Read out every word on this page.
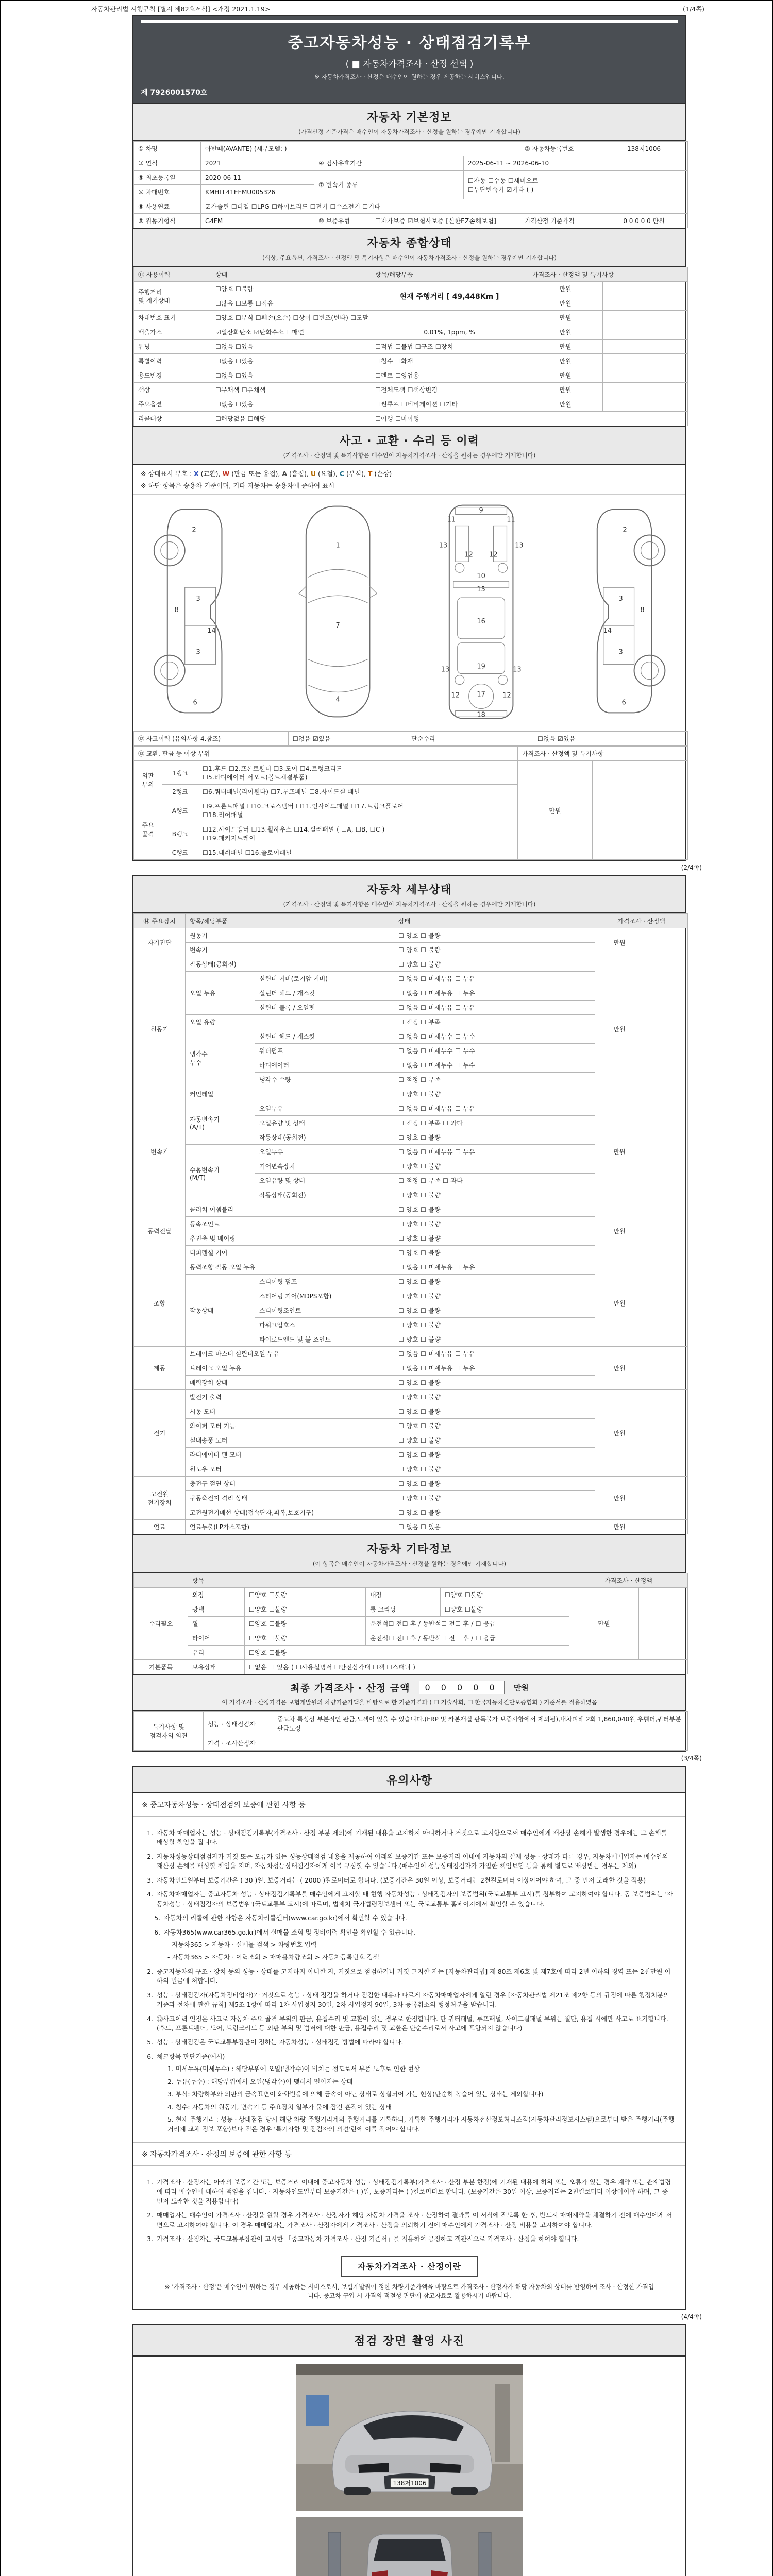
자동차관리법 시행규칙 [별지 제82호서식] <개정 2021.1.19>	(1/4쪽)
중고자동차성능 · 상태점검기록부
( ■ 자동차가격조사 · 산정 선택 )
※ 자동차가격조사 · 산정은 매수인이 원하는 경우 제공하는 서비스입니다.
제 7926001570호
자동차 기본정보
(가격산정 기준가격은 매수인이 자동차가격조사 · 산정을 원하는 경우에만 기재합니다)
① 차명	아반떼(AVANTE) (세부모델: )				② 자동차등록번호	138저1006
③ 연식	2021	④ 검사유효기간		2025-06-11 ~ 2026-06-10		
⑤ 최초등록일	2020-06-11	⑦ 변속기 종류		☐자동 ☐수동 ☐세미오토
☐무단변속기 ☑기타 ( )		
⑥ 차대번호	KMHLL41EEMU005326					
⑧ 사용연료	☑가솔린 ☐디젤 ☐LPG ☐하이브리드 ☐전기 ☐수소전기 ☐기타					
⑨ 원동기형식	G4FM	⑩ 보증유형	☐자가보증 ☑보험사보증 [신한EZ손해보험]		가격산정 기준가격	0 0 0 0 0 만원
자동차 종합상태
(색상, 주요옵션, 가격조사 · 산정액 및 특기사항은 매수인이 자동차가격조사 · 산정을 원하는 경우에만 기재합니다)
⑪ 사용이력	상태	항목/해당부품	가격조사 · 산정액 및 특기사항	
주행거리
및 계기상태	☐양호 ☐불량	현재 주행거리 [ 49,448Km ]	만원	
	☐많음 ☐보통 ☐적음		만원	
차대번호 표기	☐양호 ☐부식 ☐훼손(오손) ☐상이 ☐변조(변타) ☐도말		만원	
배출가스	☑일산화탄소 ☑탄화수소 ☐매연	0.01%, 1ppm, %	만원	
튜닝	☐없음 ☐있음	☐적법 ☐불법 ☐구조 ☐장치	만원	
특별이력	☐없음 ☐있음	☐침수 ☐화재	만원	
용도변경	☐없음 ☐있음	☐렌트 ☐영업용	만원	
색상	☐무채색 ☐유채색	☐전체도색 ☐색상변경	만원	
주요옵션	☐없음 ☐있음	☐썬루프 ☐네비게이션 ☐기타	만원	
리콜대상	☐해당없음 ☐해당	☐이행 ☐미이행		
사고 · 교환 · 수리 등 이력
(가격조사 · 산정액 및 특기사항은 매수인이 자동차가격조사 · 산정을 원하는 경우에만 기재합니다)
※ 상태표시 부호 : X (교환), W (판금 또는 용접), A (흠집), U (요철), C (부식), T (손상)
※ 하단 항목은 승용차 기준이며, 기타 자동차는 승용차에 준하여 표시
2
8
3
14
3
6
1
7
4
9
11	11
13	13
12 12
10
15
16
19
13	13
12	17	12
18
2
3
8
14
3
6
⑫ 사고이력 (유의사항 4.참조)	☐없음 ☑있음	단순수리	☐없음 ☑있음
⑬ 교환, 판금 등 이상 부위	가격조사 · 산정액 및 특기사항
외판
부위	1랭크	☐1.후드 ☐2.프론트휀더 ☐3.도어 ☐4.트렁크리드
☐5.라디에이터 서포트(볼트체결부품)	만원	
	2랭크	☐6.쿼터패널(리어휀다) ☐7.루프패널 ☐8.사이드실 패널		
주요
골격	A랭크	☐9.프론트패널 ☐10.크로스멤버 ☐11.인사이드패널 ☐17.트렁크플로어
☐18.리어패널		
	B랭크	☐12.사이드멤버 ☐13.휠하우스 ☐14.필러패널 ( ☐A, ☐B, ☐C )
☐19.패키지트레이		
	C랭크	☐15.대쉬패널 ☐16.플로어패널		
(2/4쪽)
자동차 세부상태
(가격조사 · 산정액 및 특기사항은 매수인이 자동차가격조사 · 산정을 원하는 경우에만 기재합니다)
⑭ 주요장치	항목/해당부품		상태	가격조사 · 산정액	
자기진단	원동기		☐ 양호 ☐ 불량	만원	
	변속기		☐ 양호 ☐ 불량		
원동기	작동상태(공회전)		☐ 양호 ☐ 불량	만원	
	오일 누유	실린더 커버(로커암 커버)	☐ 없음 ☐ 미세누유 ☐ 누유		
		실린더 헤드 / 개스킷	☐ 없음 ☐ 미세누유 ☐ 누유		
		실린더 블록 / 오일팬	☐ 없음 ☐ 미세누유 ☐ 누유		
	오일 유량		☐ 적정 ☐ 부족		
	냉각수
누수	실린더 헤드 / 개스킷	☐ 없음 ☐ 미세누수 ☐ 누수		
		워터펌프	☐ 없음 ☐ 미세누수 ☐ 누수		
		라디에이터	☐ 없음 ☐ 미세누수 ☐ 누수		
		냉각수 수량	☐ 적정 ☐ 부족		
	커먼레일		☐ 양호 ☐ 불량		
변속기	자동변속기
(A/T)	오일누유	☐ 없음 ☐ 미세누유 ☐ 누유	만원	
		오일유량 및 상태	☐ 적정 ☐ 부족 ☐ 과다		
		작동상태(공회전)	☐ 양호 ☐ 불량		
	수동변속기
(M/T)	오일누유	☐ 없음 ☐ 미세누유 ☐ 누유		
		기어변속장치	☐ 양호 ☐ 불량		
		오일유량 및 상태	☐ 적정 ☐ 부족 ☐ 과다		
		작동상태(공회전)	☐ 양호 ☐ 불량		
동력전달	클러치 어셈블리		☐ 양호 ☐ 불량	만원	
	등속조인트		☐ 양호 ☐ 불량		
	추진축 및 베어링		☐ 양호 ☐ 불량		
	디퍼렌셜 기어		☐ 양호 ☐ 불량		
조향	동력조향 작동 오일 누유		☐ 없음 ☐ 미세누유 ☐ 누유	만원	
	작동상태	스티어링 펌프	☐ 양호 ☐ 불량		
		스티어링 기어(MDPS포함)	☐ 양호 ☐ 불량		
		스티어링조인트	☐ 양호 ☐ 불량		
		파워고압호스	☐ 양호 ☐ 불량		
		타이로드엔드 및 볼 조인트	☐ 양호 ☐ 불량		
제동	브레이크 마스터 실린더오일 누유		☐ 없음 ☐ 미세누유 ☐ 누유	만원	
	브레이크 오일 누유		☐ 없음 ☐ 미세누유 ☐ 누유		
	배력장치 상태		☐ 양호 ☐ 불량		
전기	발전기 출력		☐ 양호 ☐ 불량	만원	
	시동 모터		☐ 양호 ☐ 불량		
	와이퍼 모터 기능		☐ 양호 ☐ 불량		
	실내송풍 모터		☐ 양호 ☐ 불량		
	라디에이터 팬 모터		☐ 양호 ☐ 불량		
	윈도우 모터		☐ 양호 ☐ 불량		
고전원
전기장치	충전구 절연 상태		☐ 양호 ☐ 불량	만원	
	구동축전지 격리 상태		☐ 양호 ☐ 불량		
	고전원전기배선 상태(접속단자,피복,보호기구)		☐ 양호 ☐ 불량		
연료	연료누출(LP가스포함)		☐ 없음 ☐ 있음	만원	
자동차 기타정보
(이 항목은 매수인이 자동차가격조사 · 산정을 원하는 경우에만 기재합니다)
	항목				가격조사 · 산정액	
수리필요	외장	☐양호 ☐불량	내장	☐양호 ☐불량	만원	
	광택	☐양호 ☐불량	룸 크리닝	☐양호 ☐불량		
	휠	☐양호 ☐불량	운전석☐ 전☐ 후 / 동반석☐ 전☐ 후 / ☐ 응급			
	타이어	☐양호 ☐불량	운전석☐ 전☐ 후 / 동반석☐ 전☐ 후 / ☐ 응급			
	유리	☐양호 ☐불량				
기본품목	보유상태	☐없음 ☐ 있음 ( ☐사용설명서 ☐안전삼각대 ☐잭 ☐스패너 )				
최종 가격조사 · 산정 금액	0 0 0 0 0	만원
이 가격조사 · 산정가격은 보험개발원의 차량기준가액을 바탕으로 한 기준가격과 ( ☐ 기술사회, ☐ 한국자동차진단보증협회 ) 기준서를 적용하였음
특기사항 및
점검자의 의견	성능 · 상태점검자	중고차 특성상 부분적인 판금,도색이 있을 수 있습니다.(FRP 및 카본재질 판독불가 보증사항에서 제외됨),내차피해 2회 1,860,040원 우휀더,쿼터부분판금도장
	가격 · 조사산정자	
(3/4쪽)
유의사항
※ 중고자동차성능 · 상태점검의 보증에 관한 사항 등
1. 자동차 매매업자는 성능 · 상태점검기록부(가격조사 · 산정 부분 제외)에 기재된 내용을 고지하지 아니하거나 거짓으로 고지함으로써 매수인에게 재산상 손해가 발생한 경우에는 그 손해를 배상할 책임을 집니다.
2. 자동차성능상태점검자가 거짓 또는 오류가 있는 성능상태점검 내용을 제공하여 아래의 보증기간 또는 보증거리 이내에 자동차의 실제 성능 · 상태가 다른 경우, 자동차매매업자는 매수인의 재산상 손해를 배상할 책임을 지며, 자동차성능상태점검자에게 이를 구상할 수 있습니다.(매수인이 성능상태점검자가 가입한 책임보험 등을 통해 별도로 배상받는 경우는 제외)
3. 자동차인도일부터 보증기간은 ( 30 )일, 보증거리는 ( 2000 )킬로미터로 합니다. (보증기간은 30일 이상, 보증거리는 2천킬로미터 이상이어야 하며, 그 중 먼저 도래한 것을 적용)
4. 자동차매매업자는 중고자동차 성능 · 상태점검기록부를 매수인에게 고지할 때 현행 자동차성능 · 상태점검자의 보증범위(국토교통부 고시)를 첨부하여 고지하여야 합니다. 동 보증범위는 '자동차성능 · 상태점검자의 보증범위'(국토교통부 고시)에 따르며, 법제처 국가법령정보센터 또는 국토교통부 홈페이지에서 확인할 수 있습니다.
5. 자동차의 리콜에 관한 사항은 자동차리콜센터(www.car.go.kr)에서 확인할 수 있습니다.
6. 자동차365(www.car365.go.kr)에서 실매물 조회 및 정비이력 확인을 확인할 수 있습니다.
- 자동차365 > 자동차 · 실매물 검색 > 차량번호 입력
- 자동차365 > 자동차 · 이력조회 > 매매용차량조회 > 자동차등록번호 검색
2. 중고자동차의 구조 · 장치 등의 성능 · 상태를 고지하지 아니한 자, 거짓으로 점검하거나 거짓 고지한 자는 [자동차관리법] 제 80조 제6호 및 제7호에 따라 2년 이하의 징역 또는 2천만원 이하의 벌금에 처합니다.
3. 성능 · 상태점검자(자동차정비업자)가 거짓으로 성능 · 상태 점검을 하거나 점검한 내용과 다르게 자동차매매업자에게 알린 경우 [자동차관리법 제21조 제2항 등의 규정에 따른 행정처분의 기준과 절차에 관한 규칙] 제5조 1항에 따라 1차 사업정지 30일, 2차 사업정지 90일, 3차 등록취소의 행정처분을 받습니다.
4. ⑫사고이력 인정은 사고로 자동차 주요 골격 부위의 판금, 용접수리 및 교환이 있는 경우로 한정합니다. 단 쿼터패널, 루프패널, 사이드실패널 부위는 절단, 용접 시에만 사고로 표기합니다. (후드, 프론트펜더, 도어, 트렁크리드 등 외판 부위 및 범퍼에 대한 판금, 용접수리 및 교환은 단순수리로서 사고에 포함되지 않습니다)
5. 성능 · 상태점검은 국토교통부장관이 정하는 자동차성능 · 상태점검 방법에 따라야 합니다.
6. 체크항목 판단기준(예시)
1. 미세누유(미세누수) : 해당부위에 오일(냉각수)이 비치는 정도로서 부품 노후로 인한 현상
2. 누유(누수) : 해당부위에서 오일(냉각수)이 맺혀서 떨어지는 상태
3. 부식: 차량하부와 외판의 금속표면이 화학반응에 의해 금속이 아닌 상태로 상실되어 가는 현상(단순히 녹슬어 있는 상태는 제외합니다)
4. 침수: 자동차의 원동기, 변속기 등 주요장치 일부가 물에 잠긴 흔적이 있는 상태
5. 현재 주행거리 : 성능 · 상태점검 당시 해당 차량 주행거리계의 주행거리를 기록하되, 기록한 주행거리가 자동차전산정보처리조직(자동차관리정보시스템)으로부터 받은 주행거리(주행거리계 교체 정보 포함)보다 적은 경우 '특기사항 및 점검자의 의견'란에 이를 적어야 합니다.
※ 자동차가격조사 · 산정의 보증에 관한 사항 등
1. 가격조사 · 산정자는 아래의 보증기간 또는 보증거리 이내에 중고자동차 성능 · 상태점검기록부(가격조사 · 산정 부분 한정)에 기재된 내용에 허위 또는 오류가 있는 경우 계약 또는 관계법령에 따라 매수인에 대하여 책임을 집니다. · 자동차인도일부터 보증기간은 ( )일, 보증거리는 ( )킬로미터로 합니다. (보증기간은 30일 이상, 보증거리는 2천킬로미터 이상이어야 하며, 그 중 먼저 도래한 것을 적용합니다)
2. 매매업자는 매수인이 가격조사 · 산정을 원할 경우 가격조사 · 산정자가 해당 자동차 가격을 조사 · 산정하여 결과를 이 서식에 적도록 한 후, 반드시 매매계약을 체결하기 전에 매수인에게 서면으로 고지하여야 합니다. 이 경우 매매업자는 가격조사 · 산정자에게 가격조사 · 산정을 의뢰하기 전에 매수인에게 가격조사 · 산정 비용을 고지하여야 합니다.
3. 가격조사 · 산정자는 국토교통부장관이 고시한 「중고자동차 가격조사 · 산정 기준서」를 적용하여 공정하고 객관적으로 가격조사 · 산정을 하여야 합니다.
자동차가격조사 · 산정이란
※ '가격조사 · 산정'은 매수인이 원하는 경우 제공하는 서비스로서, 보험개발원이 정한 차량기준가액을 바탕으로 가격조사 · 산정자가 해당 자동차의 상태를 반영하여 조사 · 산정한 가격입니다. 중고차 구입 시 가격의 적절성 판단에 참고자료로 활용하시기 바랍니다.
(4/4쪽)
점검 장면 촬영 사진
138저1006
